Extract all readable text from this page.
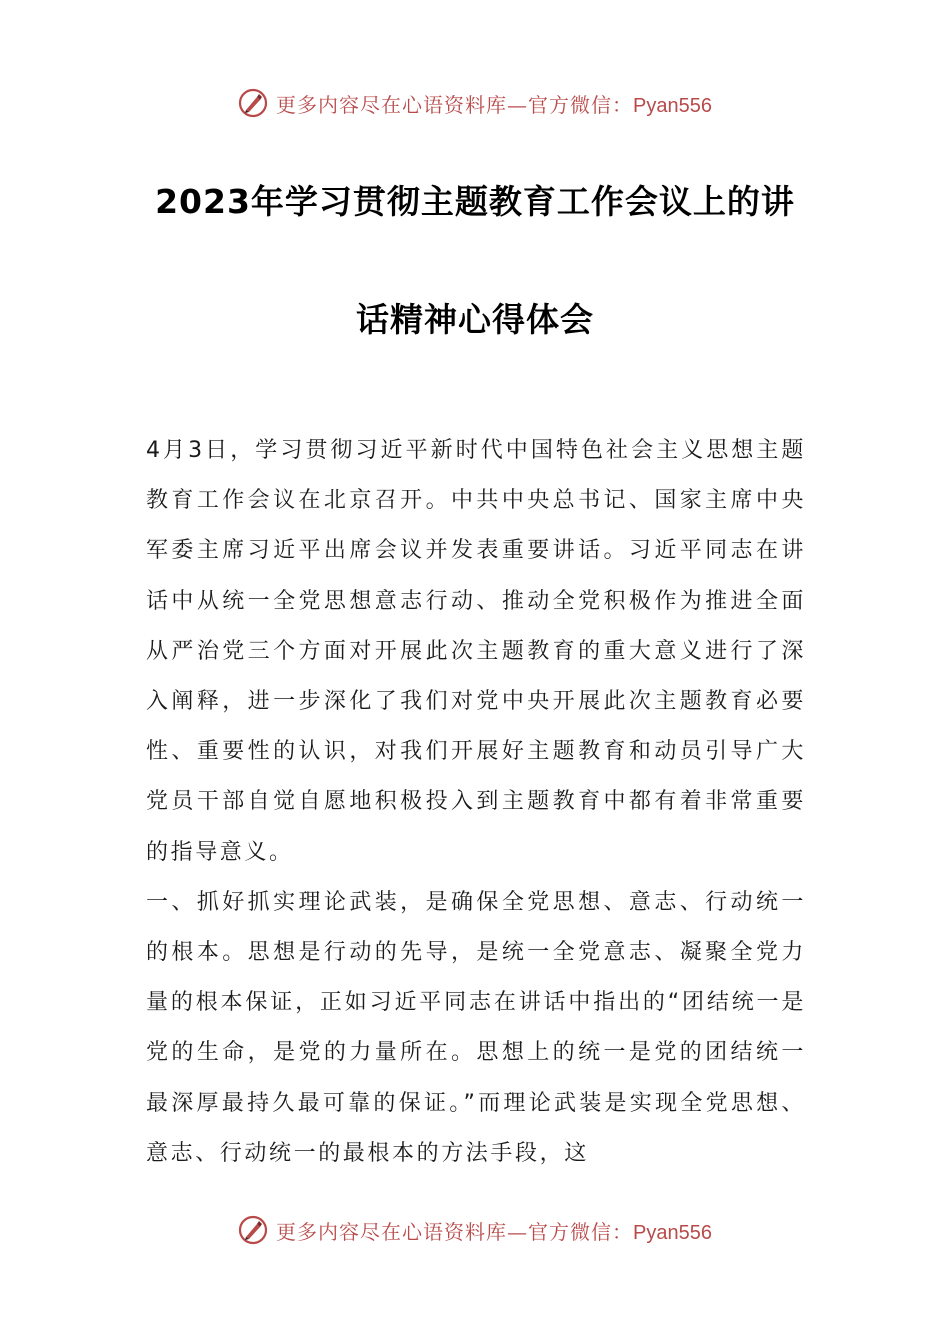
更多内容尽在心语资料库—官方微信：Pyan556
2023年学习贯彻主题教育工作会议上的讲
话精神心得体会

4月3日，学习贯彻习近平新时代中国特色社会主义思想主题教育工作会议在北京召开。中共中央总书记、国家主席中央军委主席习近平出席会议并发表重要讲话。习近平同志在讲话中从统一全党思想意志行动、推动全党积极作为推进全面从严治党三个方面对开展此次主题教育的重大意义进行了深入阐释，进一步深化了我们对党中央开展此次主题教育必要性、重要性的认识，对我们开展好主题教育和动员引导广大党员干部自觉自愿地积极投入到主题教育中都有着非常重要的指导意义。

一、抓好抓实理论武装，是确保全党思想、意志、行动统一的根本。思想是行动的先导，是统一全党意志、凝聚全党力量的根本保证，正如习近平同志在讲话中指出的“团结统一是党的生命，是党的力量所在。思想上的统一是党的团结统一最深厚最持久最可靠的保证。”而理论武装是实现全党思想、意志、行动统一的最根本的方法手段，这

更多内容尽在心语资料库—官方微信：Pyan556
